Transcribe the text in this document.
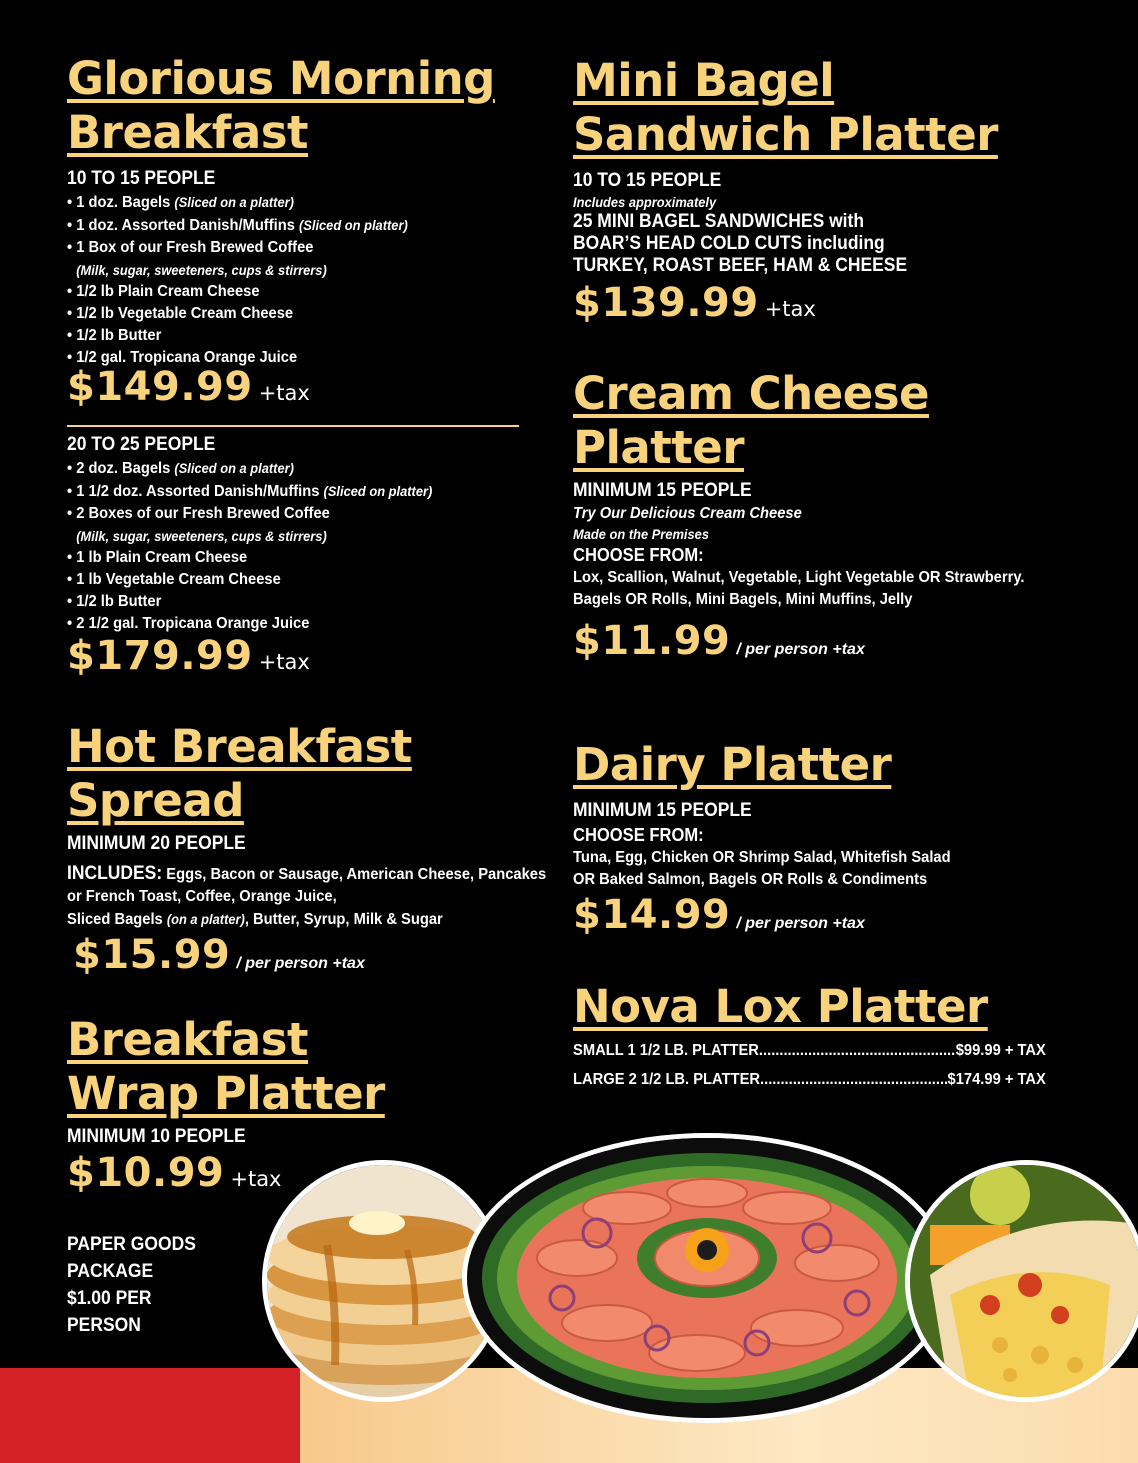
Glorious Morning
Breakfast
10 TO 15 PEOPLE
• 1 doz. Bagels (Sliced on a platter)
• 1 doz. Assorted Danish/Muffins (Sliced on platter)
• 1 Box of our Fresh Brewed Coffee
(Milk, sugar, sweeteners, cups & stirrers)
• 1/2 lb Plain Cream Cheese
• 1/2 lb Vegetable Cream Cheese
• 1/2 lb Butter
• 1/2 gal. Tropicana Orange Juice
$149.99 +tax
20 TO 25 PEOPLE
• 2 doz. Bagels (Sliced on a platter)
• 1 1/2 doz. Assorted Danish/Muffins (Sliced on platter)
• 2 Boxes of our Fresh Brewed Coffee
(Milk, sugar, sweeteners, cups & stirrers)
• 1 lb Plain Cream Cheese
• 1 lb Vegetable Cream Cheese
• 1/2 lb Butter
• 2 1/2 gal. Tropicana Orange Juice
$179.99 +tax
Hot Breakfast
Spread
MINIMUM 20 PEOPLE
INCLUDES: Eggs, Bacon or Sausage, American Cheese, Pancakes
or French Toast, Coffee, Orange Juice,
Sliced Bagels (on a platter), Butter, Syrup, Milk & Sugar
$15.99 / per person +tax
Breakfast
Wrap Platter
MINIMUM 10 PEOPLE
$10.99 +tax
PAPER GOODS
PACKAGE
$1.00 PER
PERSON
Mini Bagel
Sandwich Platter
10 TO 15 PEOPLE
Includes approximately
25 MINI BAGEL SANDWICHES with
BOAR’S HEAD COLD CUTS including
TURKEY, ROAST BEEF, HAM & CHEESE
$139.99 +tax
Cream Cheese
Platter
MINIMUM 15 PEOPLE
Try Our Delicious Cream Cheese
Made on the Premises
CHOOSE FROM:
Lox, Scallion, Walnut, Vegetable, Light Vegetable OR Strawberry.
Bagels OR Rolls, Mini Bagels, Mini Muffins, Jelly
$11.99 / per person +tax
Dairy Platter
MINIMUM 15 PEOPLE
CHOOSE FROM:
Tuna, Egg, Chicken OR Shrimp Salad, Whitefish Salad
OR Baked Salmon, Bagels OR Rolls & Condiments
$14.99 / per person +tax
Nova Lox Platter
SMALL 1 1/2 LB. PLATTER .....	$99.99 + TAX
LARGE 2 1/2 LB. PLATTER .....	$174.99 + TAX
